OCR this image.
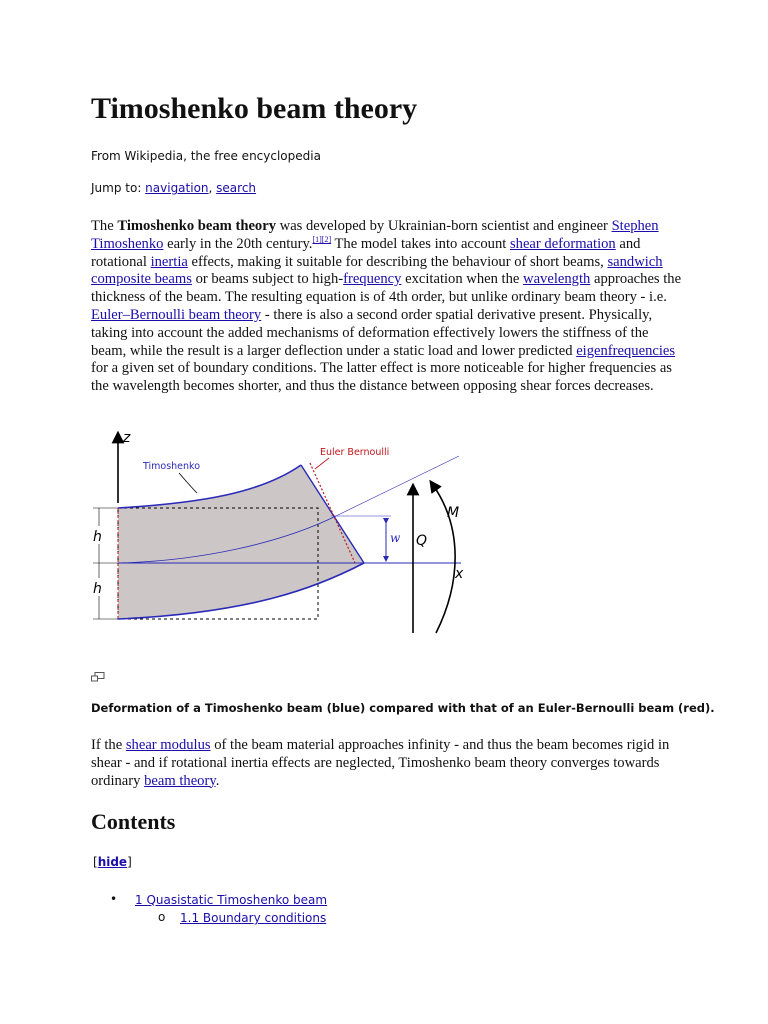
Timoshenko beam theory
From Wikipedia, the free encyclopedia
Jump to: navigation, search
The Timoshenko beam theory was developed by Ukrainian-born scientist and engineer Stephen Timoshenko early in the 20th century.[1][2] The model takes into account shear deformation and rotational inertia effects, making it suitable for describing the behaviour of short beams, sandwich composite beams or beams subject to high-frequency excitation when the wavelength approaches the thickness of the beam. The resulting equation is of 4th order, but unlike ordinary beam theory - i.e. Euler–Bernoulli beam theory - there is also a second order spatial derivative present. Physically, taking into account the added mechanisms of deformation effectively lowers the stiffness of the beam, while the result is a larger deflection under a static load and lower predicted eigenfrequencies for a given set of boundary conditions. The latter effect is more noticeable for higher frequencies as the wavelength becomes shorter, and thus the distance between opposing shear forces decreases.
z
x
h
h
w Q
M
Timoshenko
Euler Bernoulli
Deformation of a Timoshenko beam (blue) compared with that of an Euler-Bernoulli beam (red).
If the shear modulus of the beam material approaches infinity - and thus the beam becomes rigid in shear - and if rotational inertia effects are neglected, Timoshenko beam theory converges towards ordinary beam theory.
Contents
[hide]
• 1 Quasistatic Timoshenko beam
o 1.1 Boundary conditions
